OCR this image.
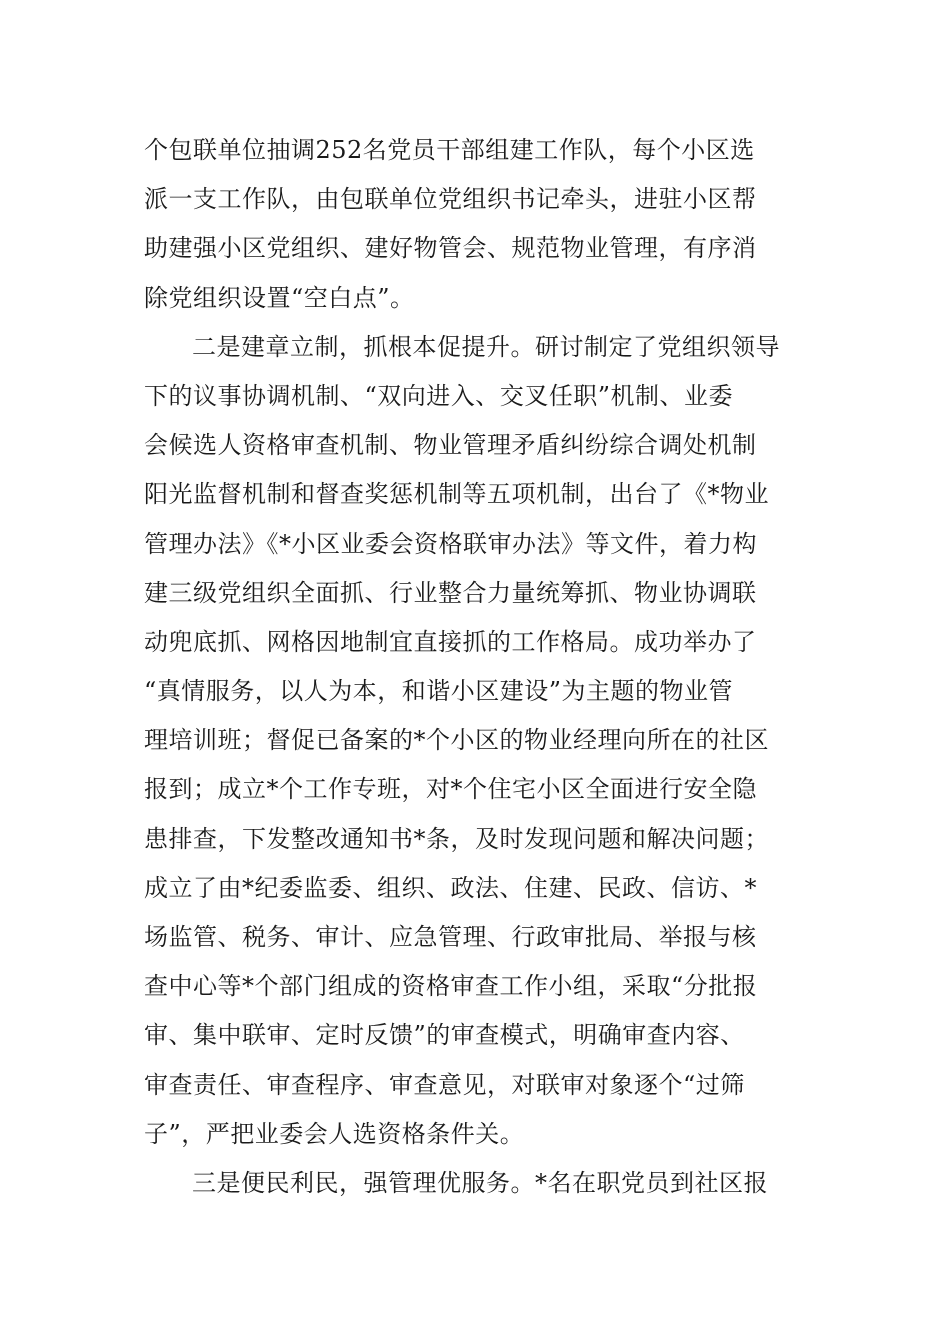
个包联单位抽调252名党员干部组建工作队，每个小区选
派一支工作队，由包联单位党组织书记牵头，进驻小区帮
助建强小区党组织、建好物管会、规范物业管理，有序消
除党组织设置“空白点”。
二是建章立制，抓根本促提升。研讨制定了党组织领导
下的议事协调机制、“双向进入、交叉任职”机制、业委
会候选人资格审查机制、物业管理矛盾纠纷综合调处机制
阳光监督机制和督查奖惩机制等五项机制，出台了《*物业
管理办法》《*小区业委会资格联审办法》等文件，着力构
建三级党组织全面抓、行业整合力量统筹抓、物业协调联
动兜底抓、网格因地制宜直接抓的工作格局。成功举办了
“真情服务，以人为本，和谐小区建设”为主题的物业管
理培训班；督促已备案的*个小区的物业经理向所在的社区
报到；成立*个工作专班，对*个住宅小区全面进行安全隐
患排查，下发整改通知书*条，及时发现问题和解决问题；
成立了由*纪委监委、组织、政法、住建、民政、信访、*
场监管、税务、审计、应急管理、行政审批局、举报与核
查中心等*个部门组成的资格审查工作小组，采取“分批报
审、集中联审、定时反馈”的审查模式，明确审查内容、
审查责任、审查程序、审查意见，对联审对象逐个“过筛
子”，严把业委会人选资格条件关。
三是便民利民，强管理优服务。*名在职党员到社区报
